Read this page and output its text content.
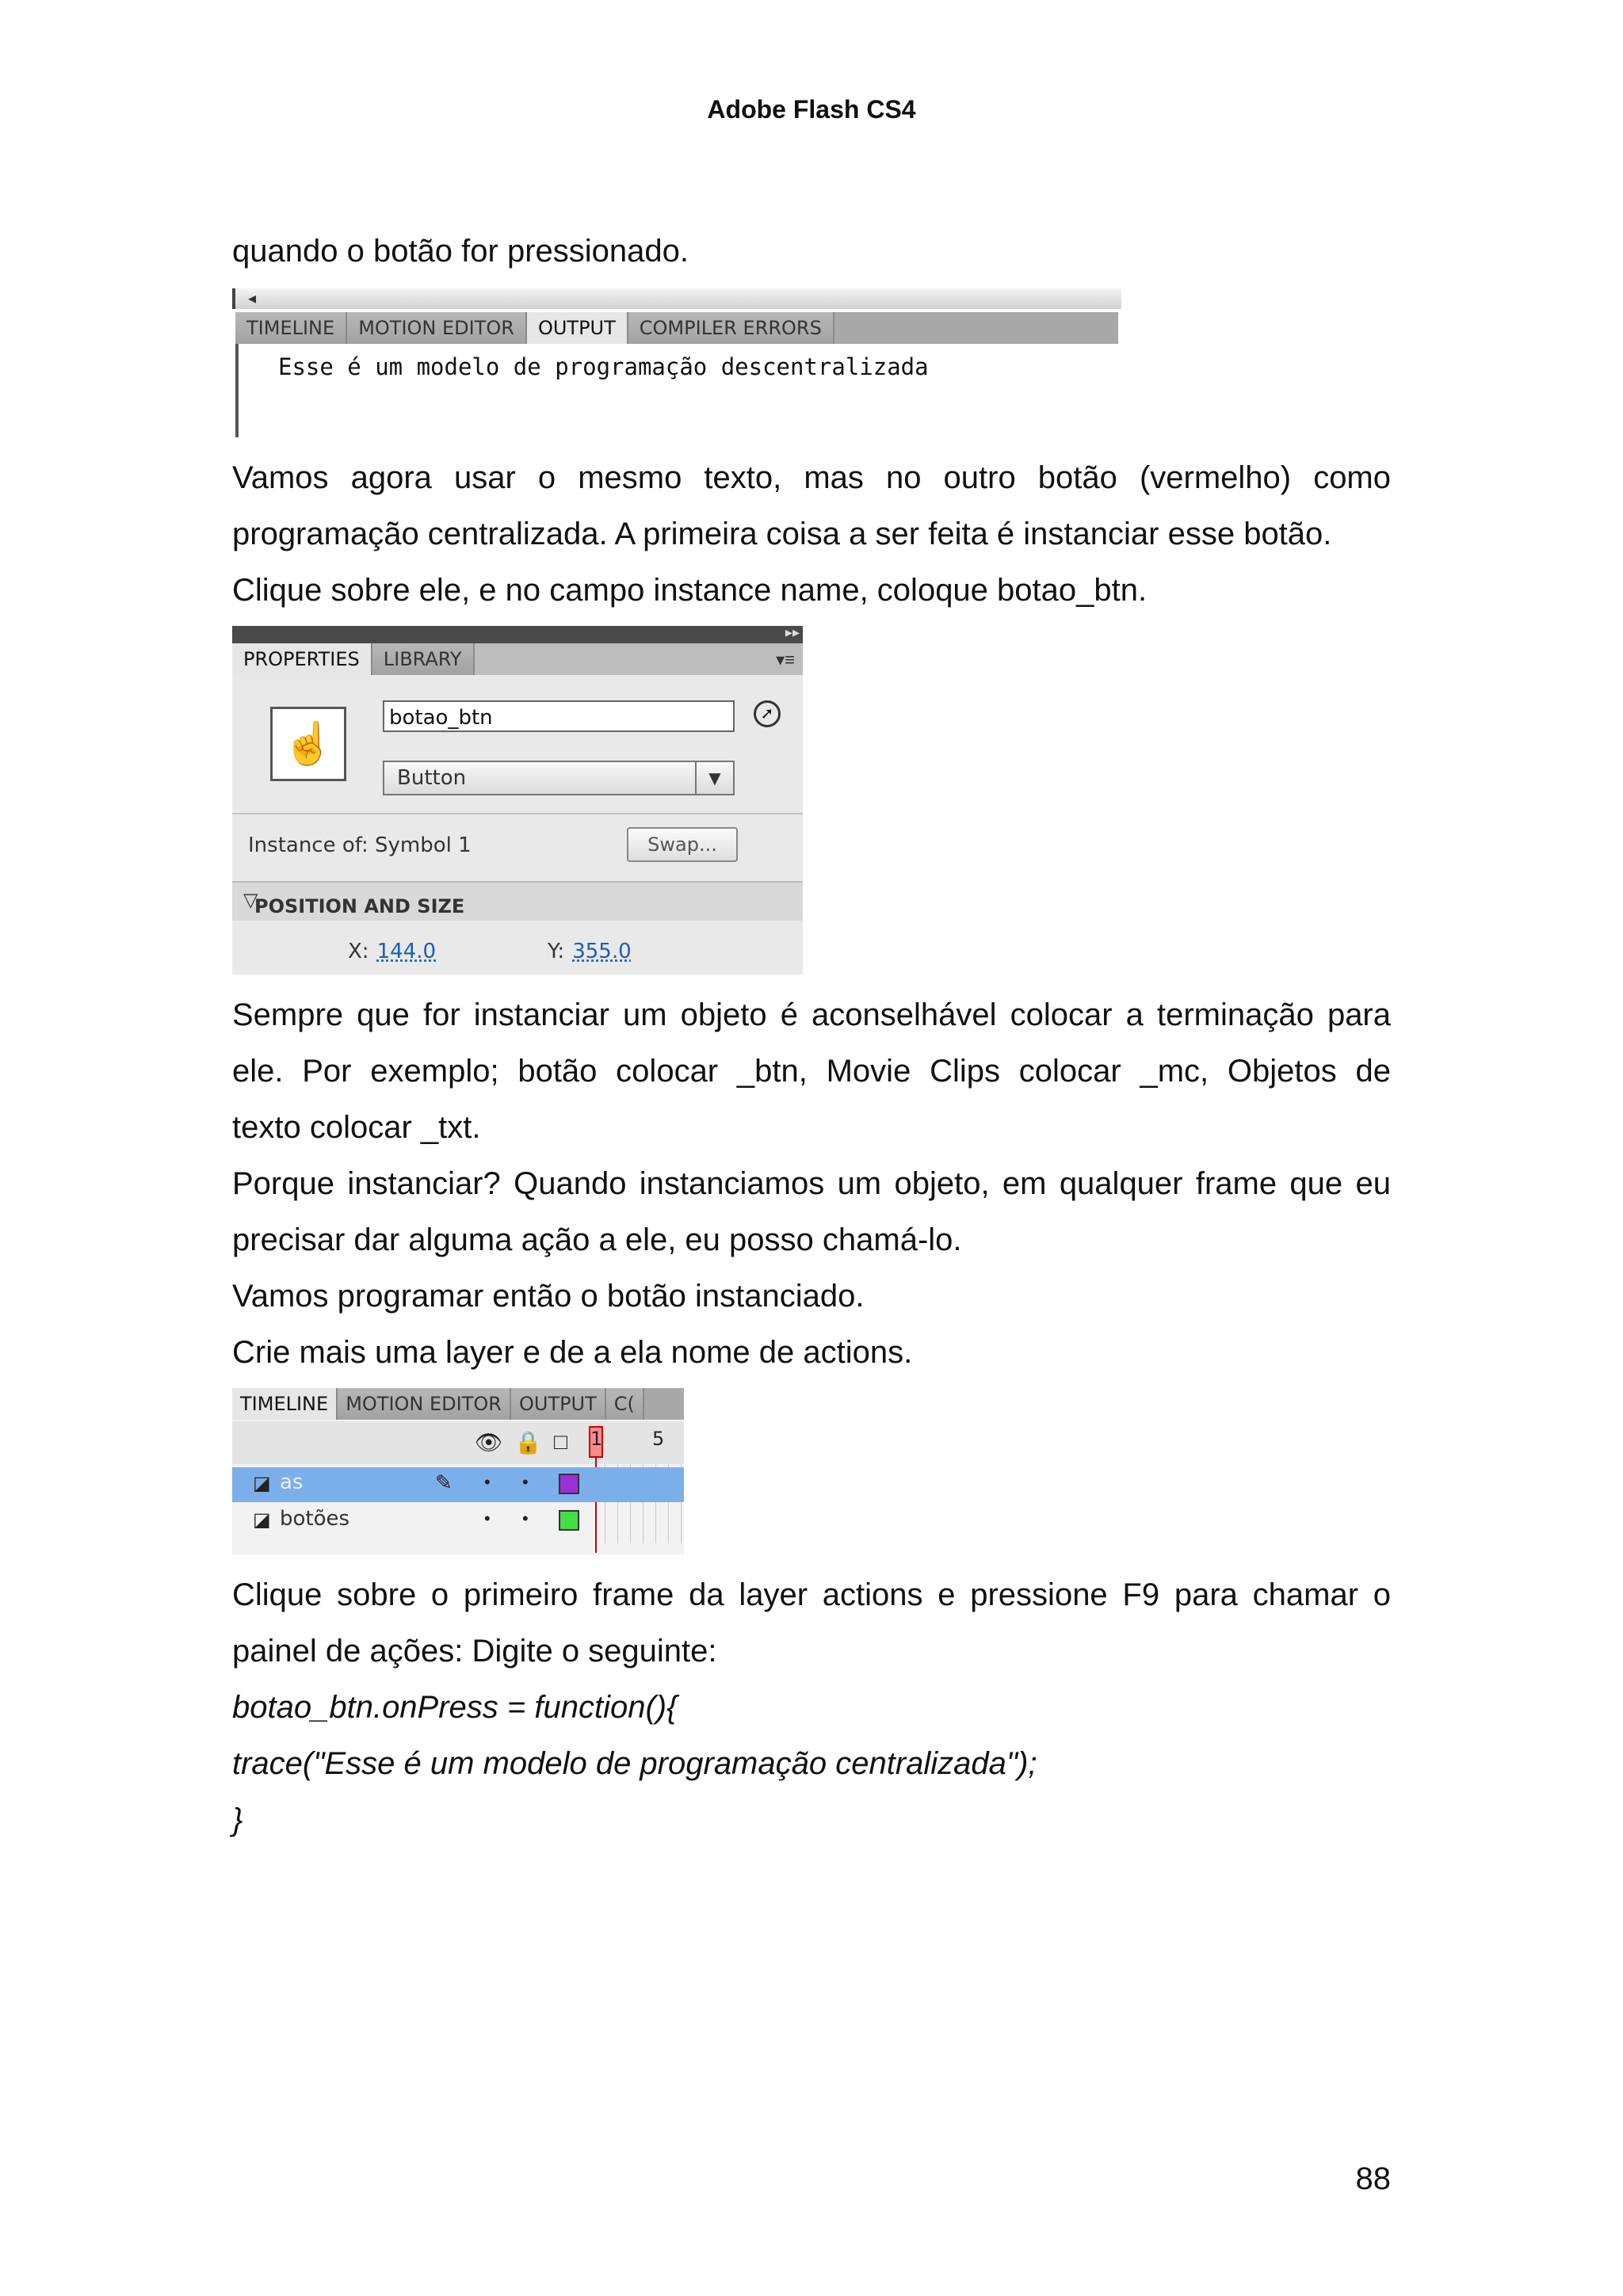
Adobe Flash CS4
quando o botão for pressionado.
◂
TIMELINE	MOTION EDITOR	OUTPUT	COMPILER ERRORS
Esse é um modelo de programação descentralizada
Vamos agora usar o mesmo texto, mas no outro botão (vermelho) como
programação centralizada. A primeira coisa a ser feita é instanciar esse botão.
Clique sobre ele, e no campo instance name, coloque botao_btn.
▸▸
PROPERTIES	LIBRARY	▾≡
☝
botao_btn	➚
Button	▼
Instance of: Symbol 1	Swap...
▽
POSITION AND SIZE
X: 144.0	Y: 355.0
Sempre que for instanciar um objeto é aconselhável colocar a terminação para
ele. Por exemplo; botão colocar _btn, Movie Clips colocar _mc, Objetos de
texto colocar _txt.
Porque instanciar? Quando instanciamos um objeto, em qualquer frame que eu
precisar dar alguma ação a ele, eu posso chamá-lo.
Vamos programar então o botão instanciado.
Crie mais uma layer e de a ela nome de actions.
TIMELINE MOTION EDITOR OUTPUT C(
👁 🔒 □ 1	5
◪ as	✎ • •
◪ botões	• •
Clique sobre o primeiro frame da layer actions e pressione F9 para chamar o
painel de ações: Digite o seguinte:
botao_btn.onPress = function(){
trace("Esse é um modelo de programação centralizada");
}
88
